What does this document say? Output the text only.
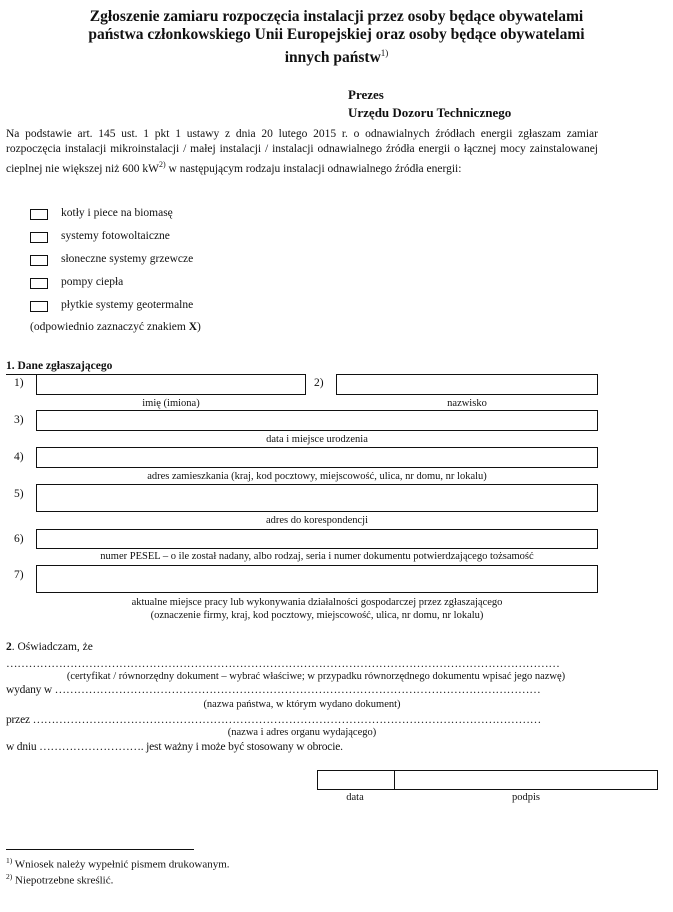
Zgłoszenie zamiaru rozpoczęcia instalacji przez osoby będące obywatelami
państwa członkowskiego Unii Europejskiej oraz osoby będące obywatelami
innych państw$^{1)}$
Prezes
Urzędu Dozoru Technicznego
Na podstawie art. 145 ust. 1 pkt 1 ustawy z dnia 20 lutego 2015 r. o odnawialnych źródłach energii zgłaszam zamiar rozpoczęcia instalacji mikroinstalacji / małej instalacji / instalacji odnawialnego źródła energii o łącznej mocy zainstalowanej cieplnej nie większej niż 600 $kW^{2)}$ w następującym rodzaju instalacji odnawialnego źródła energii:
kotły i piece na biomasę
systemy fotowoltaiczne
słoneczne systemy grzewcze
pompy ciepła
płytkie systemy geotermalne
(odpowiednio zaznaczyć znakiem X)
1. Dane zgłaszającego
1)	2)
imię (imiona)	nazwisko
3)
data i miejsce urodzenia
4)
adres zamieszkania (kraj, kod pocztowy, miejscowość, ulica, nr domu, nr lokalu)
5)
adres do korespondencji
6)
numer PESEL – o ile został nadany, albo rodzaj, seria i numer dokumentu potwierdzającego tożsamość
7)
aktualne miejsce pracy lub wykonywania działalności gospodarczej przez zgłaszającego
(oznaczenie firmy, kraj, kod pocztowy, miejscowość, ulica, nr domu, nr lokalu)
2. Oświadczam, że
…………………………………………………………………………………………………………………………………
(certyfikat / równorzędny dokument – wybrać właściwe; w przypadku równorzędnego dokumentu wpisać jego nazwę)
wydany w …………………………………………………………………………………………………………………
(nazwa państwa, w którym wydano dokument)
przez ………………………………………………………………………………………………………………………
(nazwa i adres organu wydającego)
w dniu ………………………. jest ważny i może być stosowany w obrocie.
data	podpis
$^{1)}$ Wniosek należy wypełnić pismem drukowanym.
$^{2)}$ Niepotrzebne skreślić.
